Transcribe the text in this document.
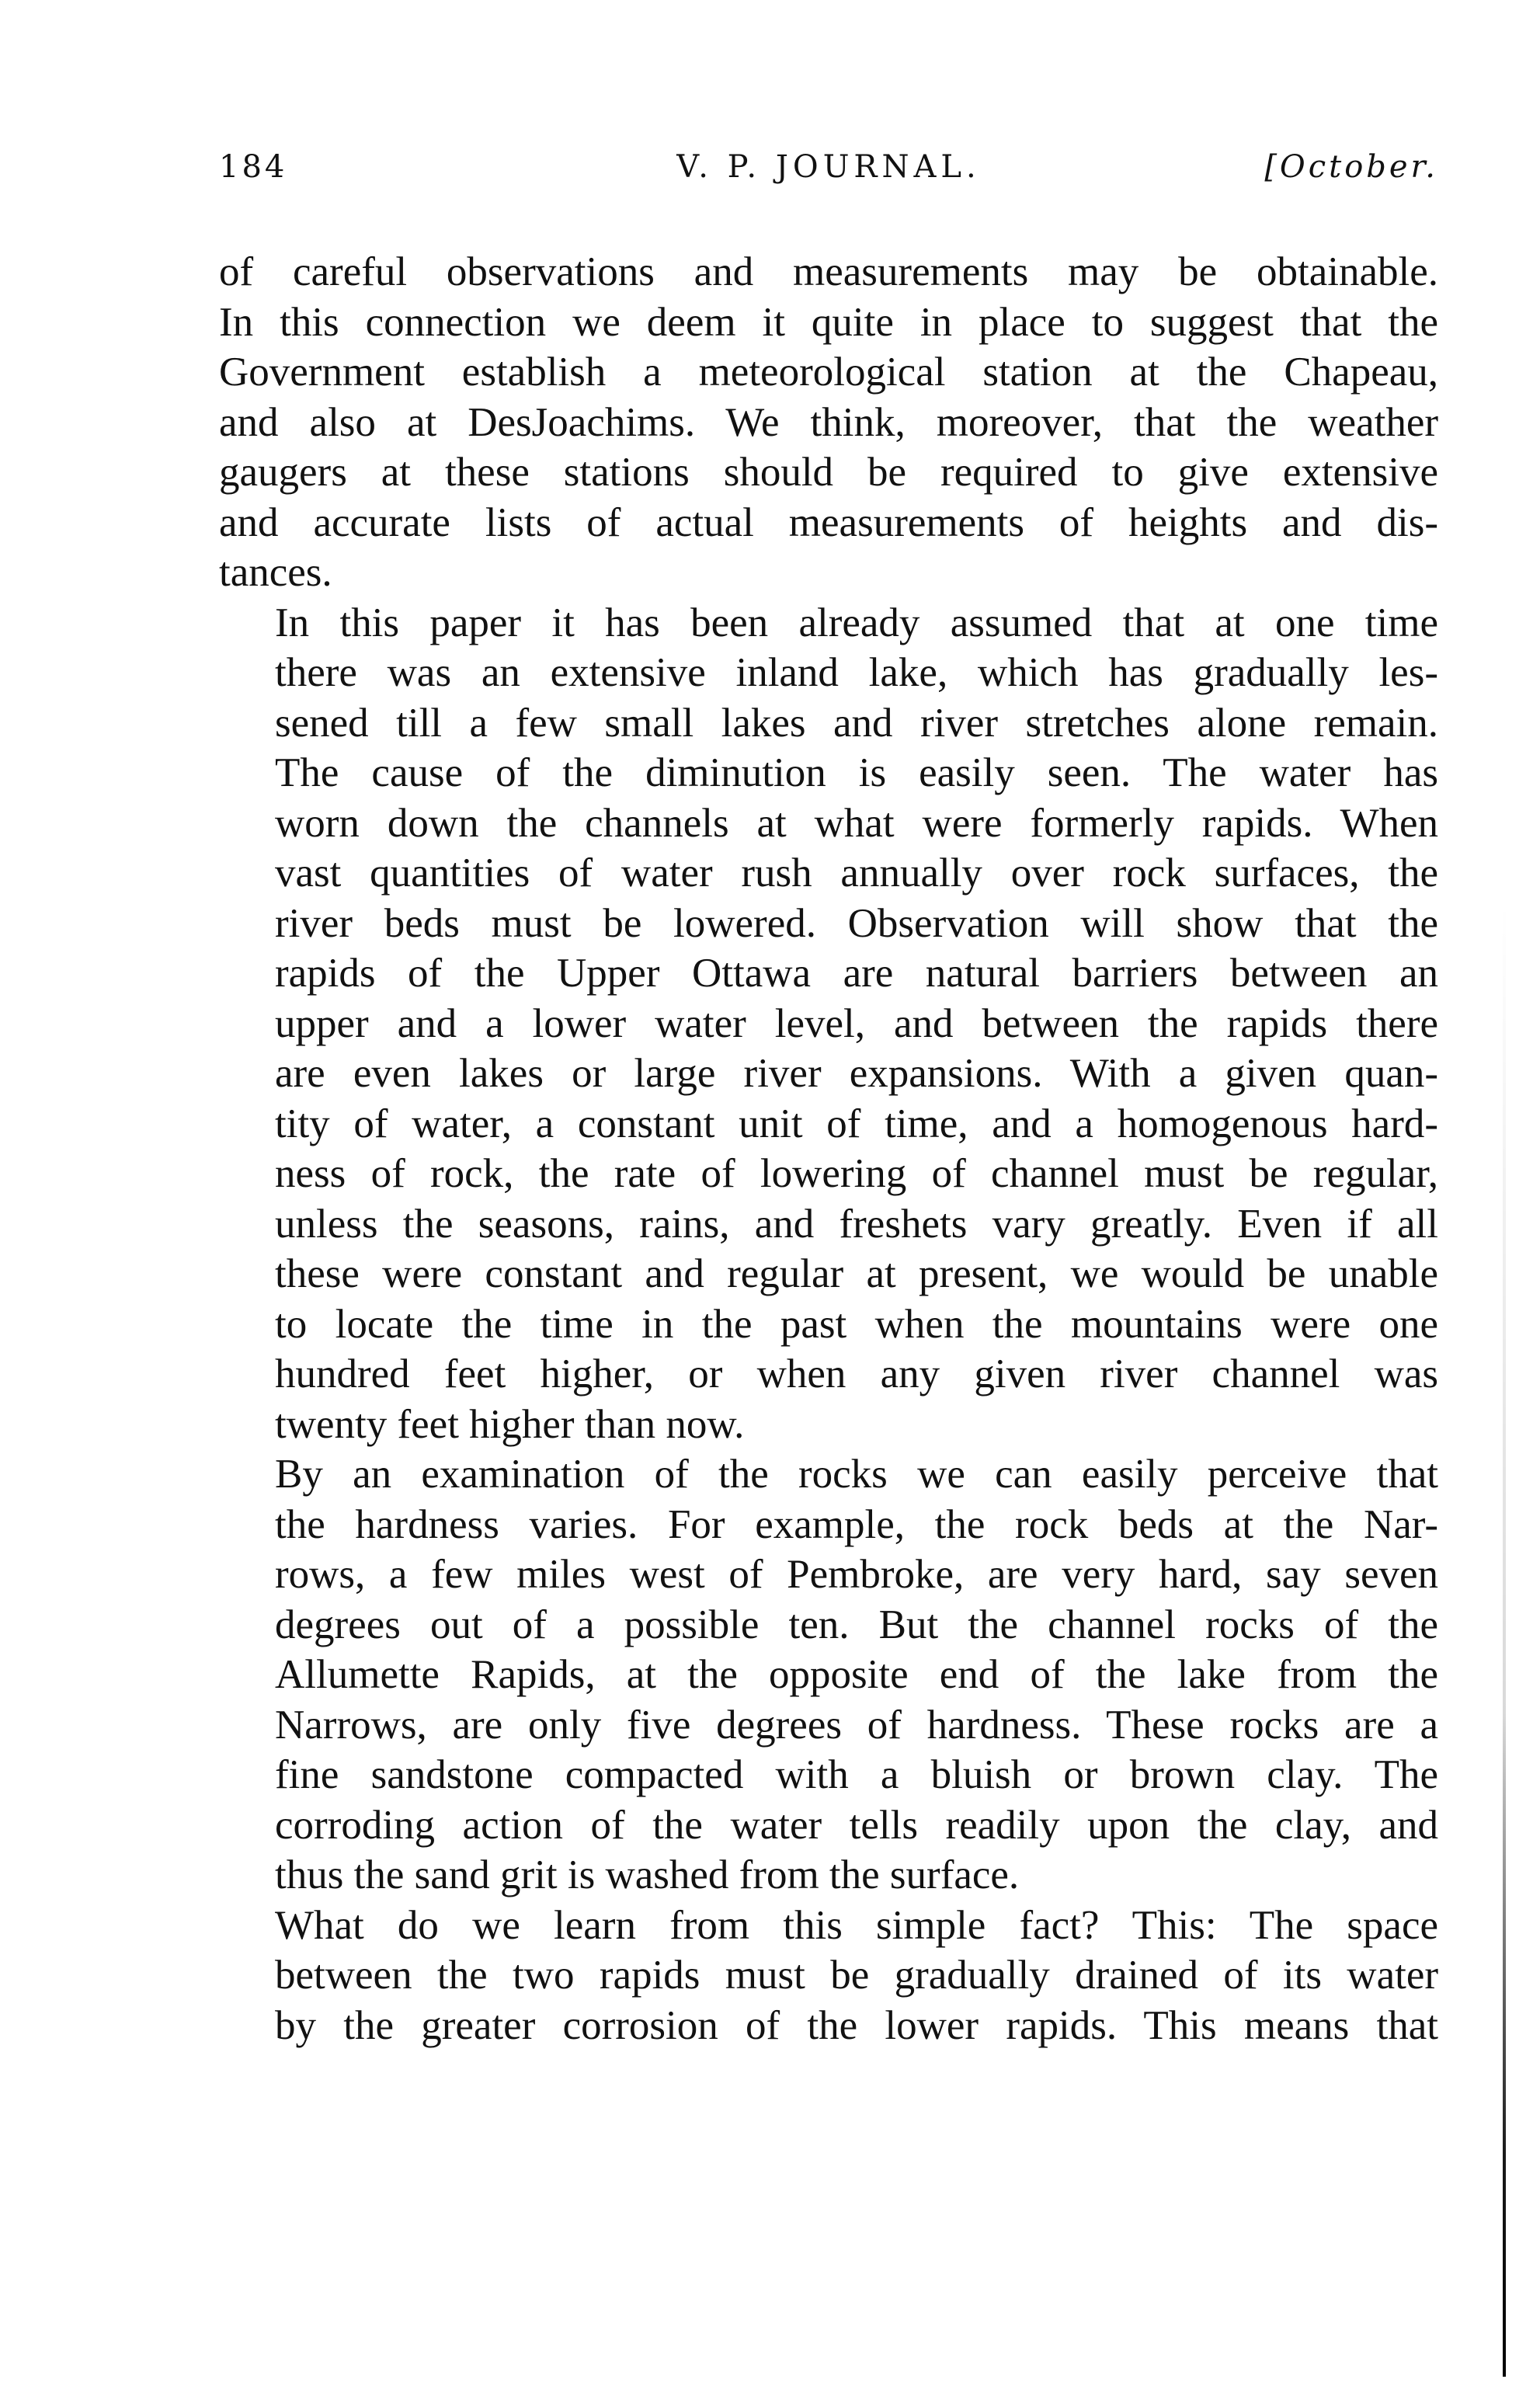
184	V. P. JOURNAL.	[October.

of careful observations and measurements may be obtainable.
In this connection we deem it quite in place to suggest that the
Government establish a meteorological station at the Chapeau,
and also at DesJoachims. We think, moreover, that the weather
gaugers at these stations should be required to give extensive
and accurate lists of actual measurements of heights and dis-
tances.

In this paper it has been already assumed that at one time
there was an extensive inland lake, which has gradually les-
sened till a few small lakes and river stretches alone remain.
The cause of the diminution is easily seen. The water has
worn down the channels at what were formerly rapids. When
vast quantities of water rush annually over rock surfaces, the
river beds must be lowered. Observation will show that the
rapids of the Upper Ottawa are natural barriers between an
upper and a lower water level, and between the rapids there
are even lakes or large river expansions. With a given quan-
tity of water, a constant unit of time, and a homogenous hard-
ness of rock, the rate of lowering of channel must be regular,
unless the seasons, rains, and freshets vary greatly. Even if all
these were constant and regular at present, we would be unable
to locate the time in the past when the mountains were one
hundred feet higher, or when any given river channel was
twenty feet higher than now.

By an examination of the rocks we can easily perceive that
the hardness varies. For example, the rock beds at the Nar-
rows, a few miles west of Pembroke, are very hard, say seven
degrees out of a possible ten. But the channel rocks of the
Allumette Rapids, at the opposite end of the lake from the
Narrows, are only five degrees of hardness. These rocks are a
fine sandstone compacted with a bluish or brown clay. The
corroding action of the water tells readily upon the clay, and
thus the sand grit is washed from the surface.

What do we learn from this simple fact? This: The space
between the two rapids must be gradually drained of its water
by the greater corrosion of the lower rapids. This means that
